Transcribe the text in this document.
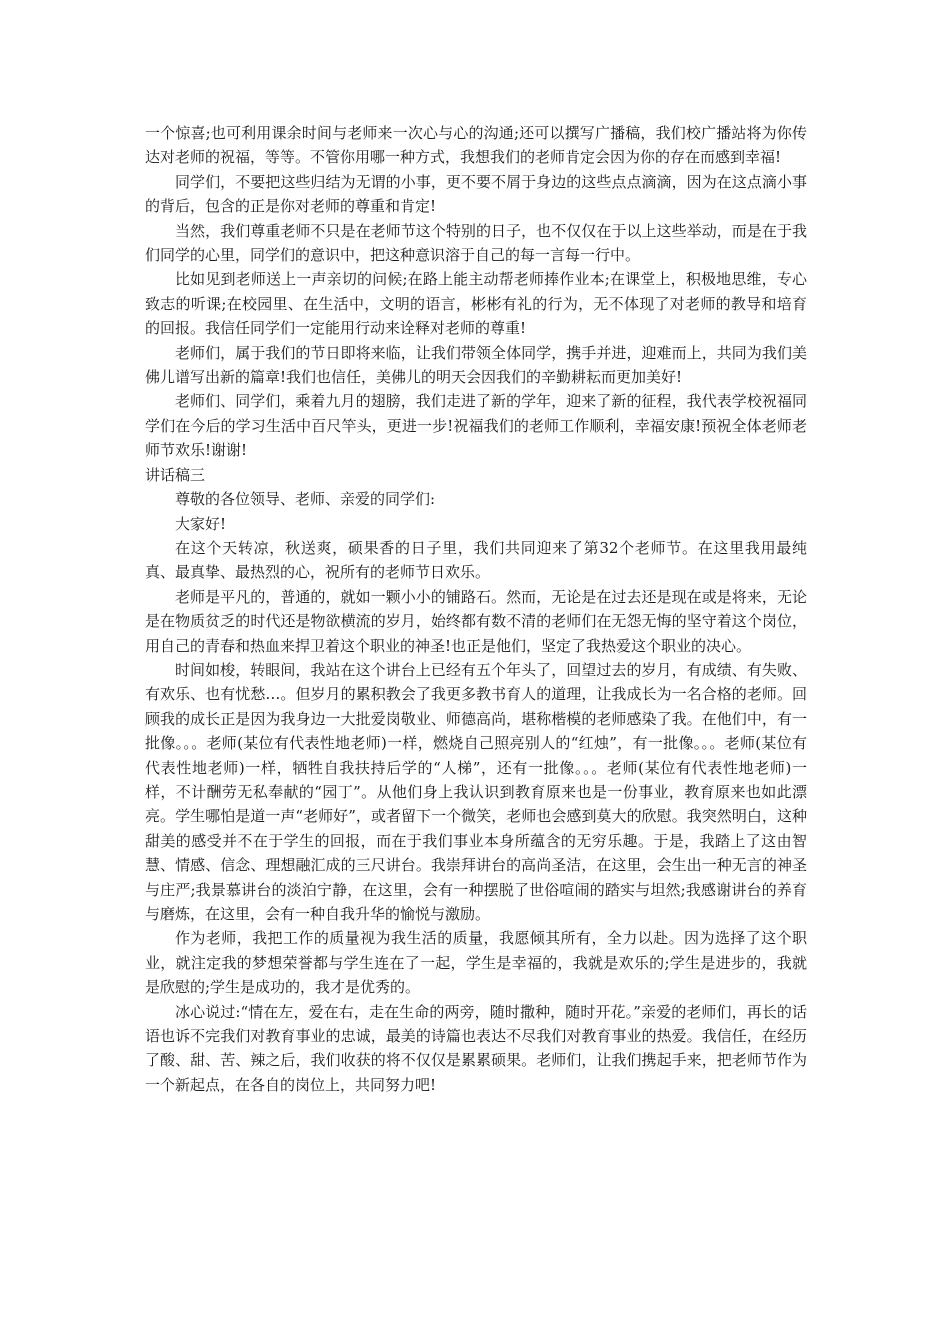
一个惊喜;也可利用课余时间与老师来一次心与心的沟通;还可以撰写广播稿，我们校广播站将为你传达对老师的祝福，等等。不管你用哪一种方式，我想我们的老师肯定会因为你的存在而感到幸福!

同学们，不要把这些归结为无谓的小事，更不要不屑于身边的这些点点滴滴，因为在这点滴小事的背后，包含的正是你对老师的尊重和肯定!

当然，我们尊重老师不只是在老师节这个特别的日子，也不仅仅在于以上这些举动，而是在于我们同学的心里，同学们的意识中，把这种意识溶于自己的每一言每一行中。

比如见到老师送上一声亲切的问候;在路上能主动帮老师捧作业本;在课堂上，积极地思维，专心致志的听课;在校园里、在生活中，文明的语言，彬彬有礼的行为，无不体现了对老师的教导和培育的回报。我信任同学们一定能用行动来诠释对老师的尊重!

老师们，属于我们的节日即将来临，让我们带领全体同学，携手并进，迎难而上，共同为我们美佛儿谱写出新的篇章!我们也信任，美佛儿的明天会因我们的辛勤耕耘而更加美好!

老师们、同学们，乘着九月的翅膀，我们走进了新的学年，迎来了新的征程，我代表学校祝福同学们在今后的学习生活中百尺竿头，更进一步!祝福我们的老师工作顺利，幸福安康!预祝全体老师老师节欢乐!谢谢!

讲话稿三

尊敬的各位领导、老师、亲爱的同学们:

大家好!

在这个天转凉，秋送爽，硕果香的日子里，我们共同迎来了第32个老师节。在这里我用最纯真、最真挚、最热烈的心，祝所有的老师节日欢乐。

老师是平凡的，普通的，就如一颗小小的铺路石。然而，无论是在过去还是现在或是将来，无论是在物质贫乏的时代还是物欲横流的岁月，始终都有数不清的老师们在无怨无悔的坚守着这个岗位，用自己的青春和热血来捍卫着这个职业的神圣!也正是他们，坚定了我热爱这个职业的决心。

时间如梭，转眼间，我站在这个讲台上已经有五个年头了，回望过去的岁月，有成绩、有失败、有欢乐、也有忧愁…。但岁月的累积教会了我更多教书育人的道理，让我成长为一名合格的老师。回顾我的成长正是因为我身边一大批爱岗敬业、师德高尚，堪称楷模的老师感染了我。在他们中，有一批像。。。老师(某位有代表性地老师)一样，燃烧自己照亮别人的“红烛”，有一批像。。。老师(某位有代表性地老师)一样，牺牲自我扶持后学的“人梯”，还有一批像。。。老师(某位有代表性地老师)一样，不计酬劳无私奉献的“园丁”。从他们身上我认识到教育原来也是一份事业，教育原来也如此漂亮。学生哪怕是道一声“老师好”，或者留下一个微笑，老师也会感到莫大的欣慰。我突然明白，这种甜美的感受并不在于学生的回报，而在于我们事业本身所蕴含的无穷乐趣。于是，我踏上了这由智慧、情感、信念、理想融汇成的三尺讲台。我崇拜讲台的高尚圣洁，在这里，会生出一种无言的神圣与庄严;我景慕讲台的淡泊宁静，在这里，会有一种摆脱了世俗喧闹的踏实与坦然;我感谢讲台的养育与磨炼，在这里，会有一种自我升华的愉悦与激励。

作为老师，我把工作的质量视为我生活的质量，我愿倾其所有，全力以赴。因为选择了这个职业，就注定我的梦想荣誉都与学生连在了一起，学生是幸福的，我就是欢乐的;学生是进步的，我就是欣慰的;学生是成功的，我才是优秀的。

冰心说过:“情在左，爱在右，走在生命的两旁，随时撒种，随时开花。”亲爱的老师们，再长的话语也诉不完我们对教育事业的忠诚，最美的诗篇也表达不尽我们对教育事业的热爱。我信任，在经历了酸、甜、苦、辣之后，我们收获的将不仅仅是累累硕果。老师们，让我们携起手来，把老师节作为一个新起点，在各自的岗位上，共同努力吧!
